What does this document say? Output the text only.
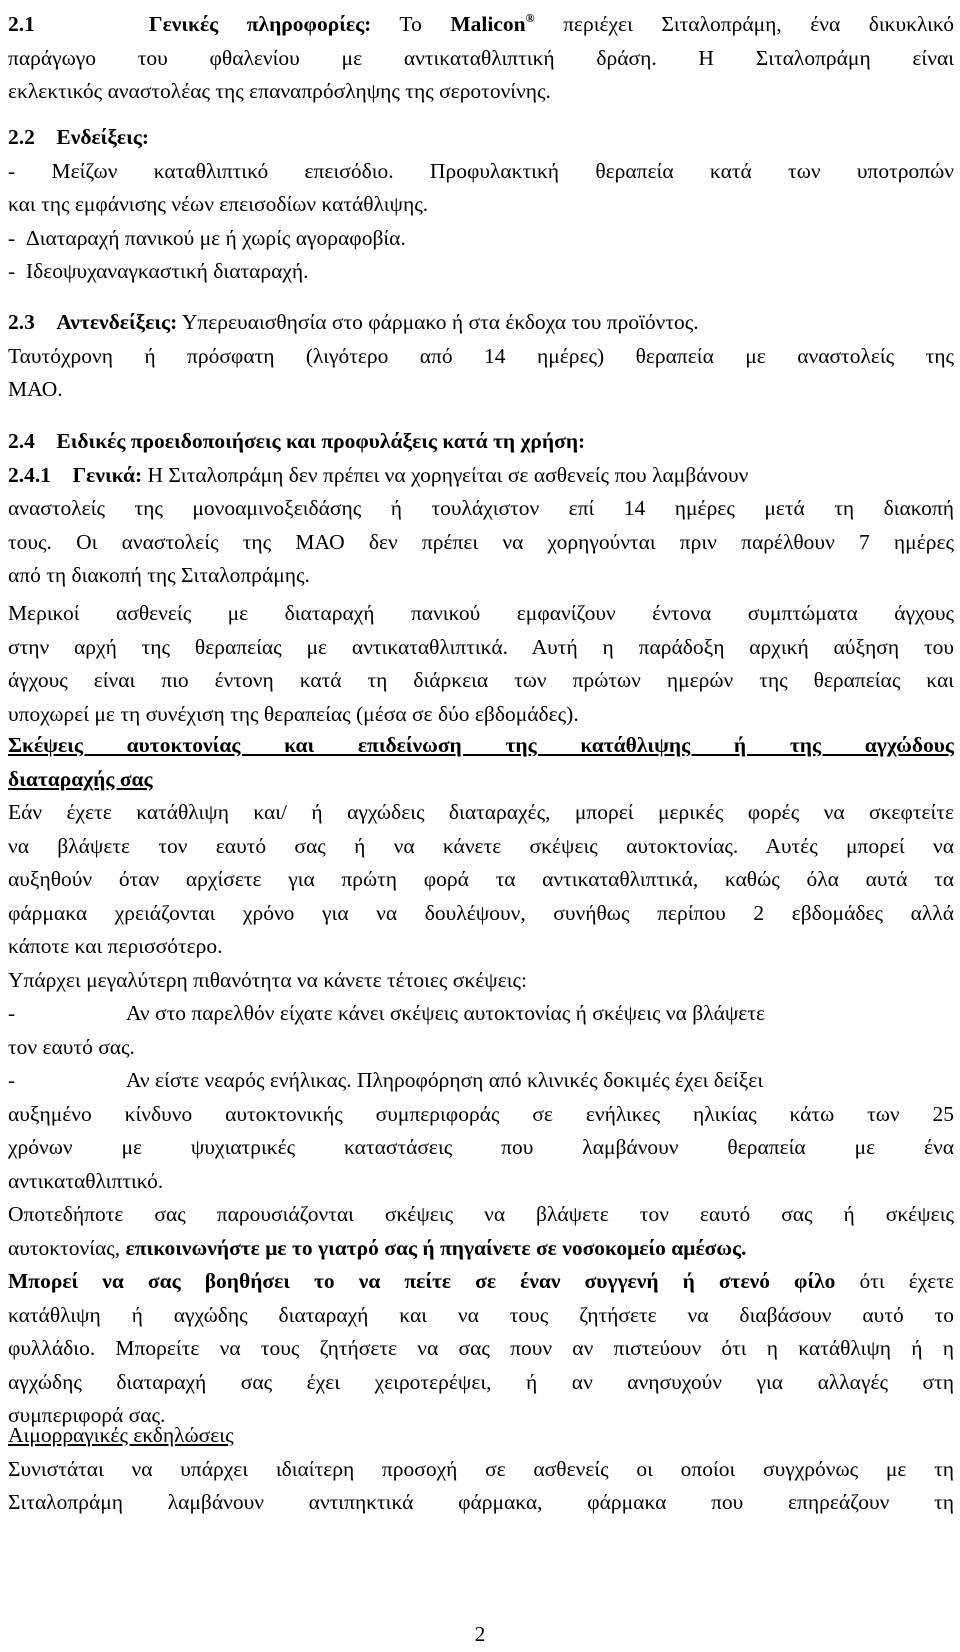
2.1	Γενικές πληροφορίες: Το Malicon® περιέχει Σιταλοπράμη, ένα δικυκλικό
παράγωγο του φθαλενίου με αντικαταθλιπτική δράση. Η Σιταλοπράμη είναι
εκλεκτικός αναστολέας της επαναπρόσληψης της σεροτονίνης.
2.2 Ενδείξεις:
- Μείζων καταθλιπτικό επεισόδιο. Προφυλακτική θεραπεία κατά των υποτροπών
και της εμφάνισης νέων επεισοδίων κατάθλιψης.
- Διαταραχή πανικού με ή χωρίς αγοραφοβία.
- Ιδεοψυχαναγκαστική διαταραχή.
2.3 Αντενδείξεις: Υπερευαισθησία στο φάρμακο ή στα έκδοχα του προϊόντος.
Ταυτόχρονη ή πρόσφατη (λιγότερο από 14 ημέρες) θεραπεία με αναστολείς της
ΜΑΟ.
2.4 Ειδικές προειδοποιήσεις και προφυλάξεις κατά τη χρήση:
2.4.1 Γενικά: Η Σιταλοπράμη δεν πρέπει να χορηγείται σε ασθενείς που λαμβάνουν
αναστολείς της μονοαμινοξειδάσης ή τουλάχιστον επί 14 ημέρες μετά τη διακοπή
τους. Οι αναστολείς της ΜΑΟ δεν πρέπει να χορηγούνται πριν παρέλθουν 7 ημέρες
από τη διακοπή της Σιταλοπράμης.
Μερικοί ασθενείς με διαταραχή πανικού εμφανίζουν έντονα συμπτώματα άγχους
στην αρχή της θεραπείας με αντικαταθλιπτικά. Αυτή η παράδοξη αρχική αύξηση του
άγχους είναι πιο έντονη κατά τη διάρκεια των πρώτων ημερών της θεραπείας και
υποχωρεί με τη συνέχιση της θεραπείας (μέσα σε δύο εβδομάδες).
Σκέψεις αυτοκτονίας και επιδείνωση της κατάθλιψης ή της αγχώδους
διαταραχής σας
Εάν έχετε κατάθλιψη και/ ή αγχώδεις διαταραχές, μπορεί μερικές φορές να σκεφτείτε
να βλάψετε τον εαυτό σας ή να κάνετε σκέψεις αυτοκτονίας. Αυτές μπορεί να
αυξηθούν όταν αρχίσετε για πρώτη φορά τα αντικαταθλιπτικά, καθώς όλα αυτά τα
φάρμακα χρειάζονται χρόνο για να δουλέψουν, συνήθως περίπου 2 εβδομάδες αλλά
κάποτε και περισσότερο.
Υπάρχει μεγαλύτερη πιθανότητα να κάνετε τέτοιες σκέψεις:
-	Αν στο παρελθόν είχατε κάνει σκέψεις αυτοκτονίας ή σκέψεις να βλάψετε
τον εαυτό σας.
-	Αν είστε νεαρός ενήλικας. Πληροφόρηση από κλινικές δοκιμές έχει δείξει
αυξημένο κίνδυνο αυτοκτονικής συμπεριφοράς σε ενήλικες ηλικίας κάτω των 25
χρόνων με ψυχιατρικές καταστάσεις που λαμβάνουν θεραπεία με ένα
αντικαταθλιπτικό.
Οποτεδήποτε σας παρουσιάζονται σκέψεις να βλάψετε τον εαυτό σας ή σκέψεις
αυτοκτονίας, επικοινωνήστε με το γιατρό σας ή πηγαίνετε σε νοσοκομείο αμέσως.
Μπορεί να σας βοηθήσει το να πείτε σε έναν συγγενή ή στενό φίλο ότι έχετε
κατάθλιψη ή αγχώδης διαταραχή και να τους ζητήσετε να διαβάσουν αυτό το
φυλλάδιο. Μπορείτε να τους ζητήσετε να σας πουν αν πιστεύουν ότι η κατάθλιψη ή η
αγχώδης διαταραχή σας έχει χειροτερέψει, ή αν ανησυχούν για αλλαγές στη
συμπεριφορά σας.
Αιμορραγικές εκδηλώσεις
Συνιστάται να υπάρχει ιδιαίτερη προσοχή σε ασθενείς οι οποίοι συγχρόνως με τη
Σιταλοπράμη λαμβάνουν αντιπηκτικά φάρμακα, φάρμακα που επηρεάζουν τη
2
